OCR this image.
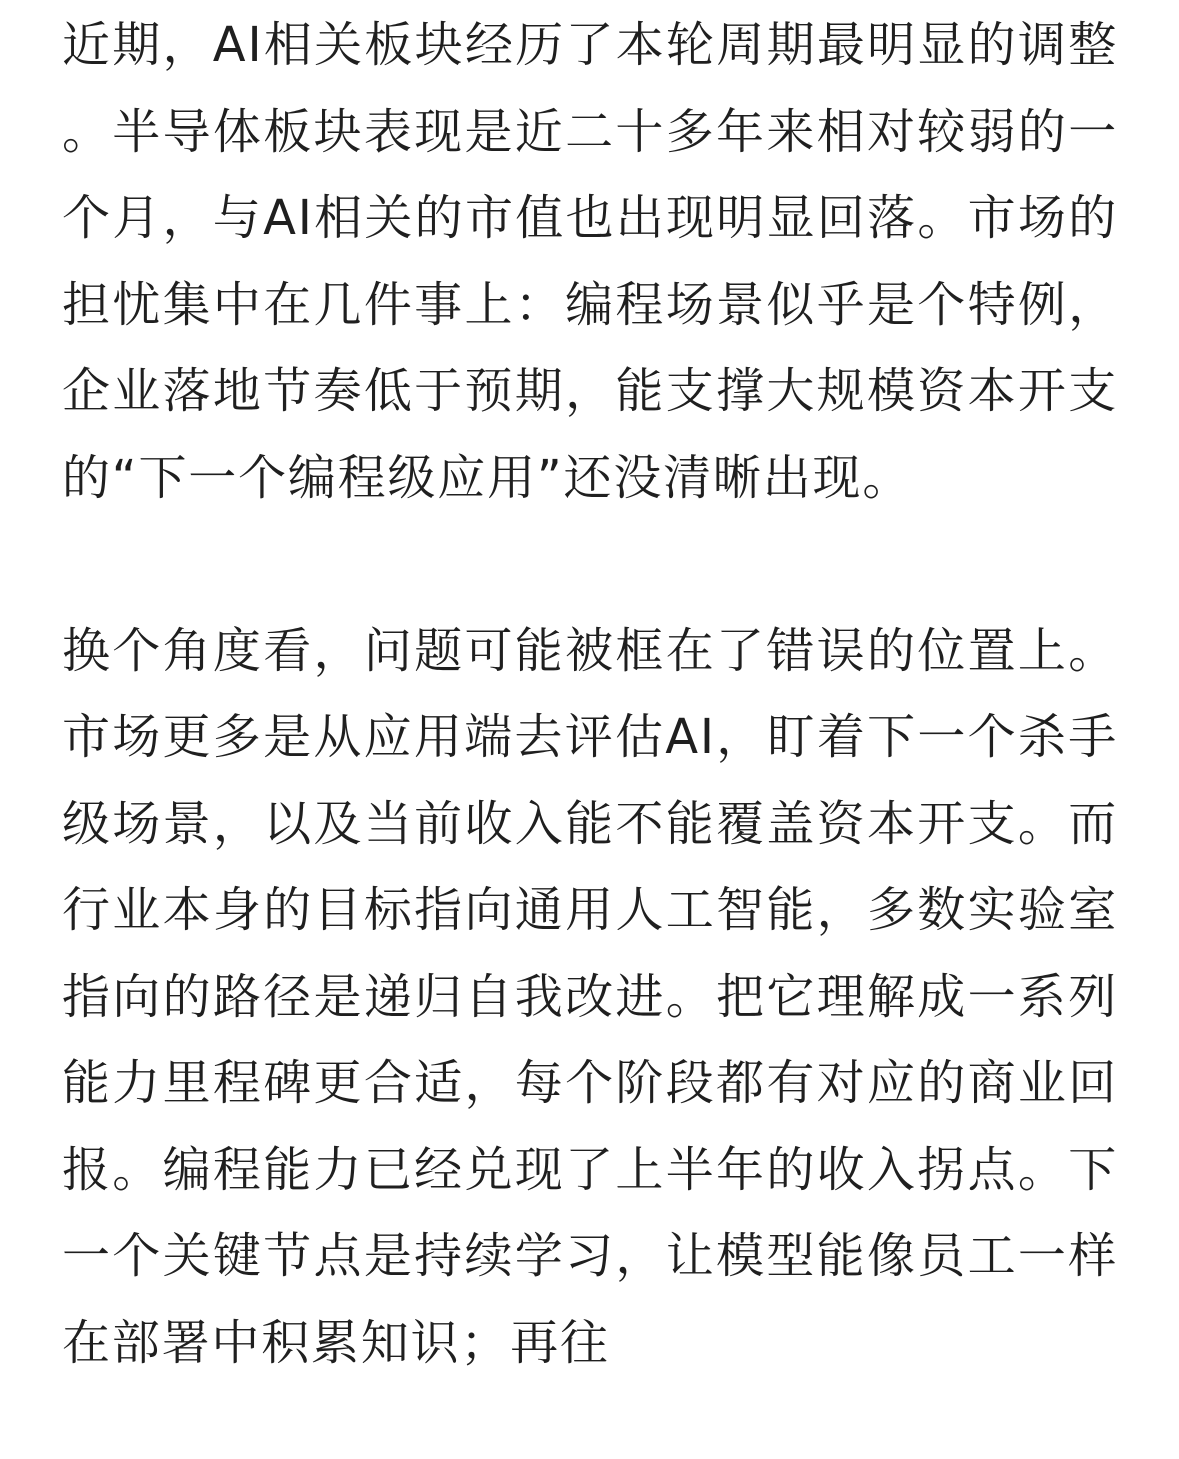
近期，AI相关板块经历了本轮周期最明显的调整。半导体板块表现是近二十多年来相对较弱的一个月，与AI相关的市值也出现明显回落。市场的担忧集中在几件事上：编程场景似乎是个特例，企业落地节奏低于预期，能支撑大规模资本开支的“下一个编程级应用”还没清晰出现。

换个角度看，问题可能被框在了错误的位置上。市场更多是从应用端去评估AI，盯着下一个杀手级场景，以及当前收入能不能覆盖资本开支。而行业本身的目标指向通用人工智能，多数实验室指向的路径是递归自我改进。把它理解成一系列能力里程碑更合适，每个阶段都有对应的商业回报。编程能力已经兑现了上半年的收入拐点。下一个关键节点是持续学习，让模型能像员工一样在部署中积累知识；再往
